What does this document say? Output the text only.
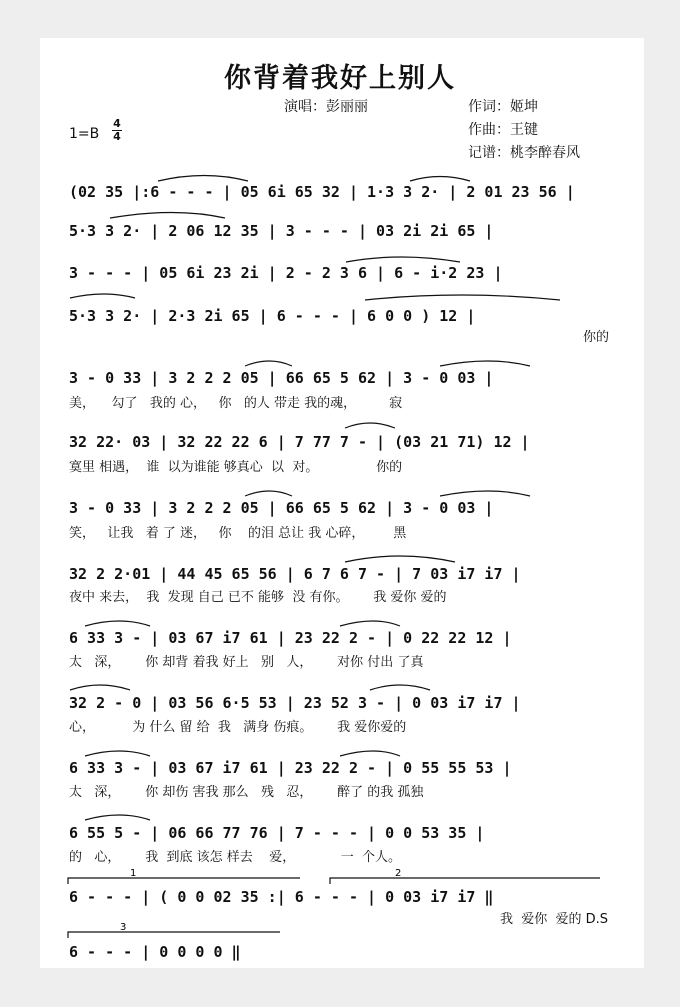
你背着我好上别人
演唱：彭丽丽	作词：姬坤
作曲：王键
记谱：桃李醉春风
1=B
4
4
(02 35 |:6 - - - | 05 6i 65 32 | 1·3 3 2· | 2 01 23 56 |
5·3 3 2· | 2 06 12 35 | 3 - - - | 03 2i 2i 65 |
3 - - - | 05 6i 23 2i | 2 - 2 3 6 | 6 - i·2 23 |
5·3 3 2· | 2·3 2i 65 | 6 - - - | 6 0 0 ) 12 |
3 - 0 33 | 3 2 2 2 05 | 66 65 5 62 | 3 - 0 03 |
32 22· 03 | 32 22 22 6 | 7 77 7 - | (03 21 71) 12 |
3 - 0 33 | 3 2 2 2 05 | 66 65 5 62 | 3 - 0 03 |
32 2 2·01 | 44 45 65 56 | 6 7 6 7 - | 7 03 i7 i7 |
6 33 3 - | 03 67 i7 61 | 23 22 2 - | 0 22 22 12 |
32 2 - 0 | 03 56 6·5 53 | 23 52 3 - | 0 03 i7 i7 |
6 33 3 - | 03 67 i7 61 | 23 22 2 - | 0 55 55 53 |
6 55 5 - | 06 66 77 76 | 7 - - - | 0 0 53 35 |
6 - - - | ( 0 0 02 35 :| 6 - - - | 0 03 i7 i7 ‖
6 - - - | 0 0 0 0 ‖
你的
美，    勾了   我的 心，   你   的人 带走 我的魂，        寂
寞里 相遇，  谁  以为谁能 够真心  以  对。              你的
笑，   让我   着 了 迷，   你    的泪 总让 我 心碎，       黑
夜中 来去，  我  发现 自己 已不 能够  没 有你。      我 爱你 爱的
太   深，      你 却背 着我 好上   别   人，      对你 付出 了真
心，         为 什么 留 给  我   满身 伤痕。      我 爱你爱的
太   深，      你 却伤 害我 那么   残   忍，      醉了 的我 孤独
的   心，      我  到底 该怎 样去    爱，           一  个人。
我  爱你  爱的 D.S
1	2
3
